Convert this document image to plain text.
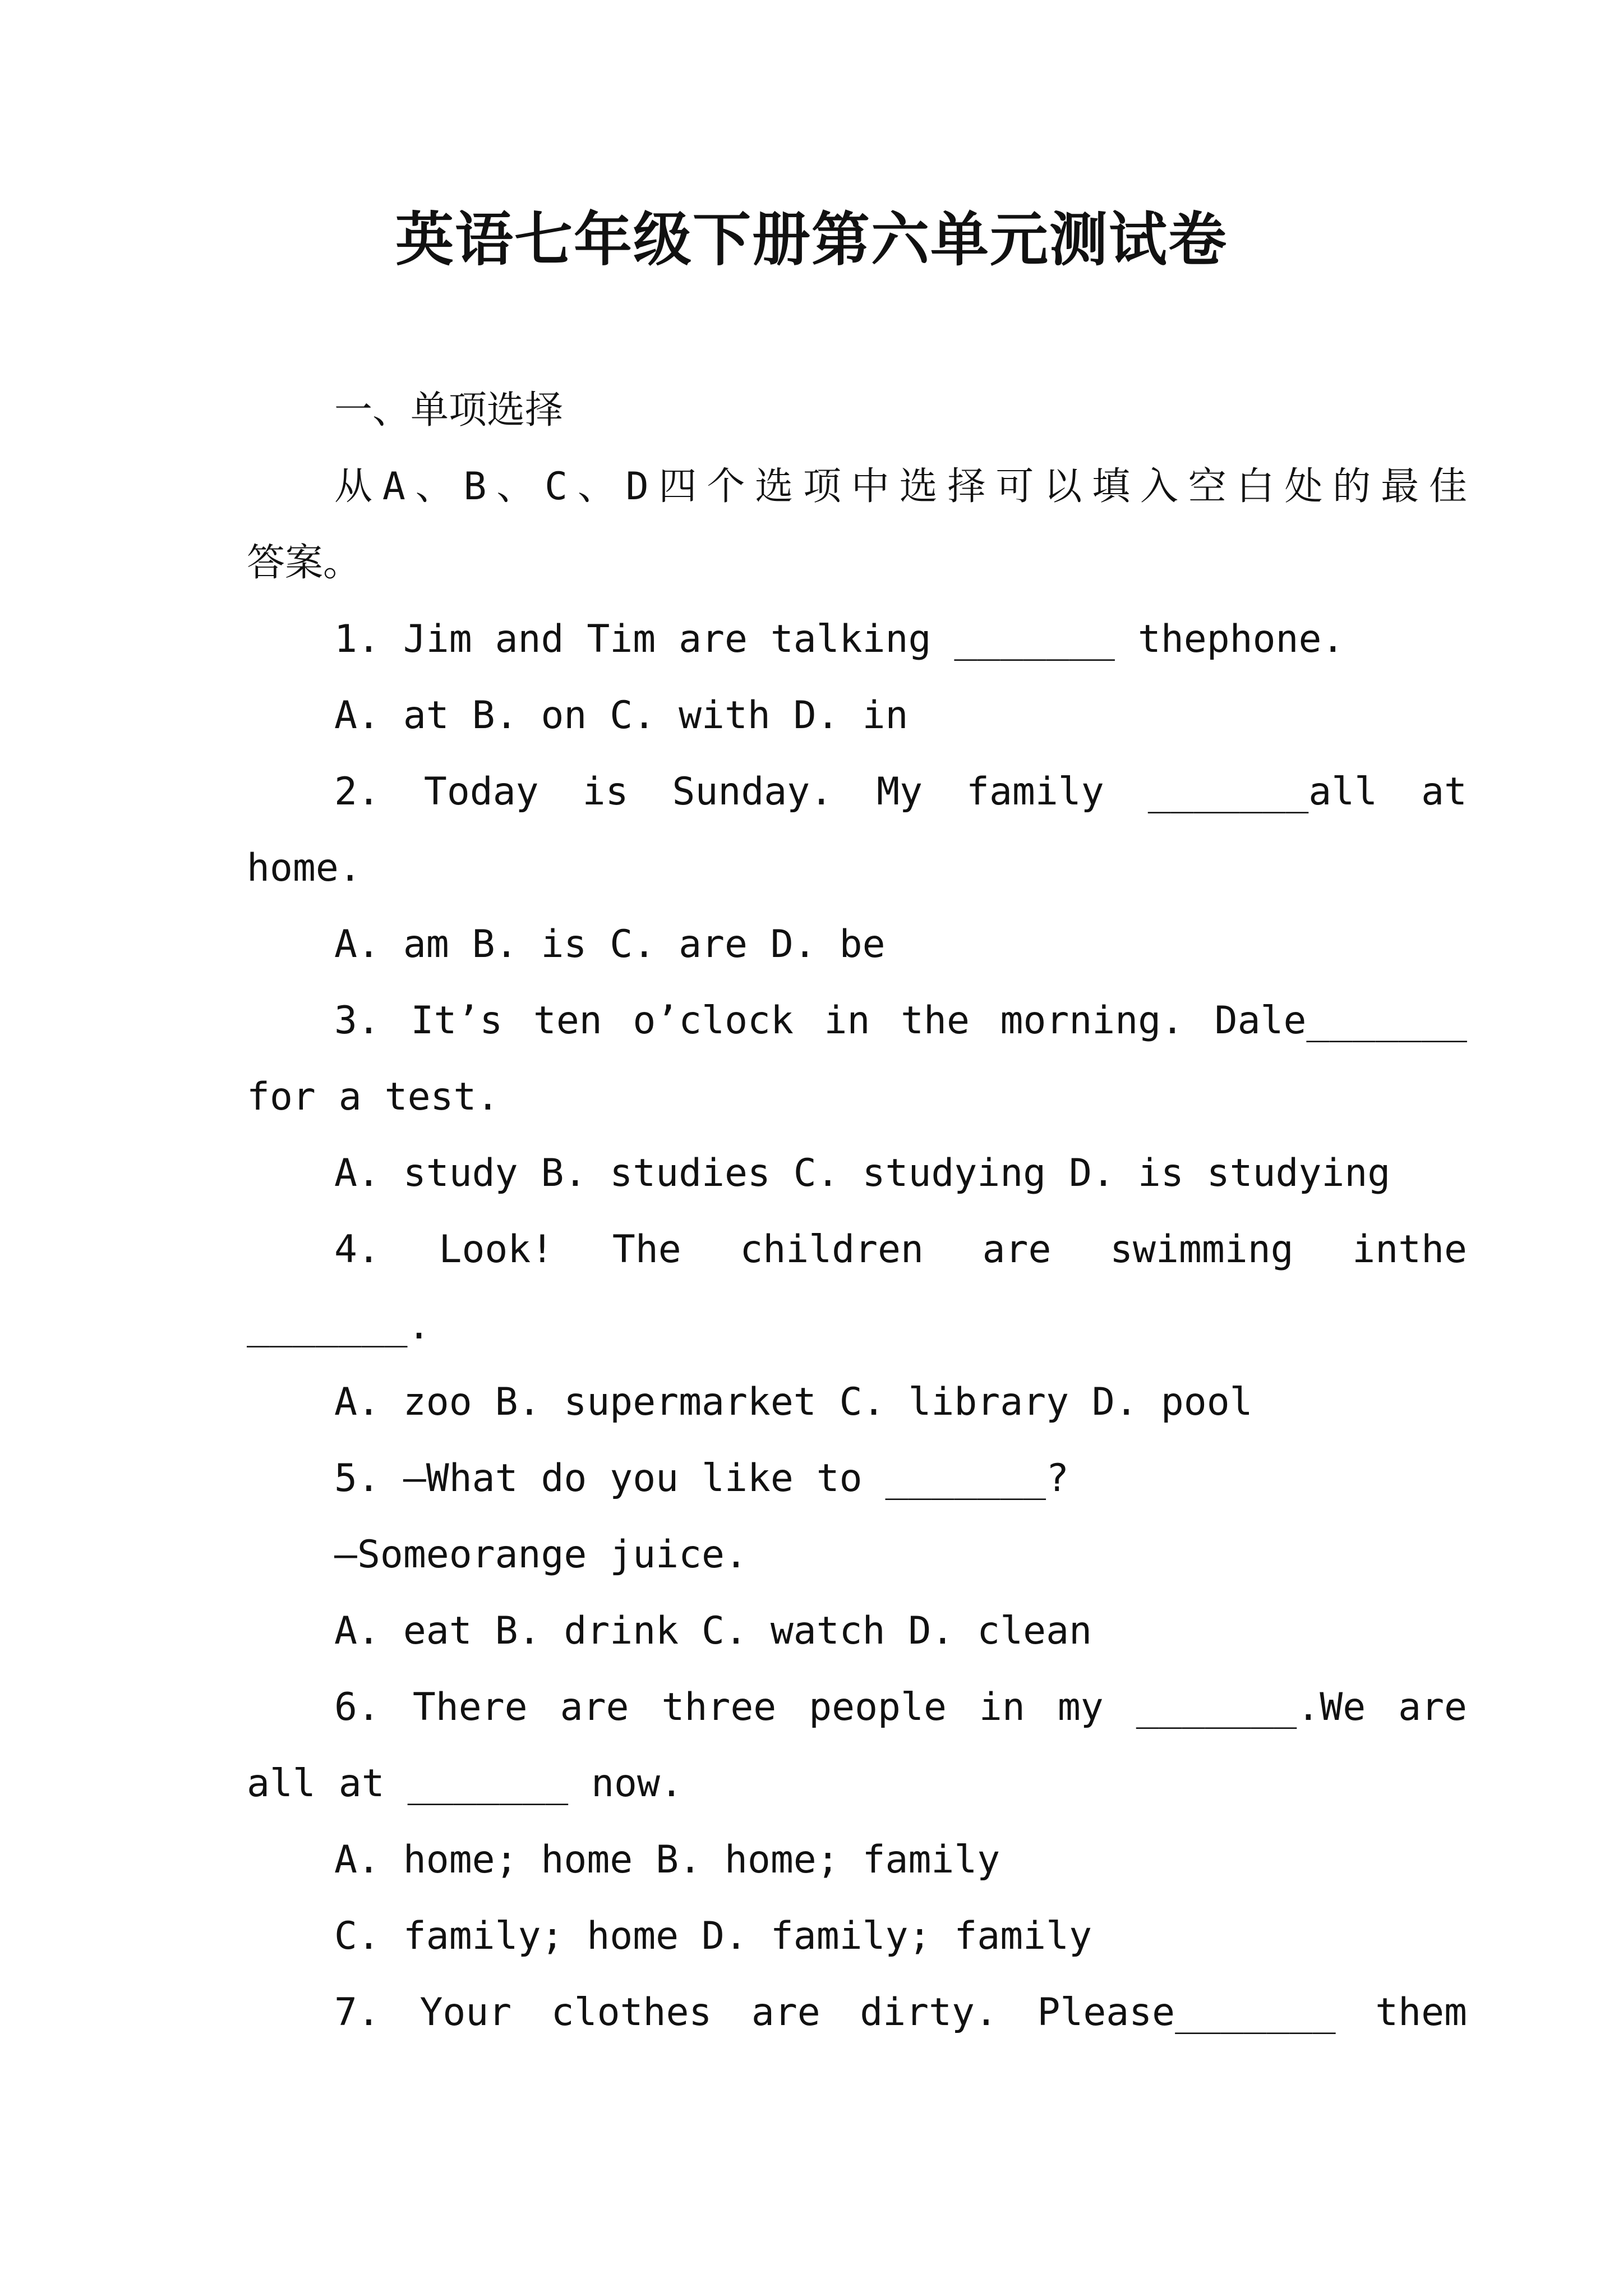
英语七年级下册第六单元测试卷

一、单项选择

从A、B、C、D四个选项中选择可以填入空白处的最佳

答案。

1. Jim and Tim are talking _______ thephone.

A. at B. on C. with D. in

2. Today is Sunday. My family _______all at

home.

A. am B. is C. are D. be

3. It’s ten o’clock in the morning. Dale_______

for a test.

A. study B. studies C. studying D. is studying

4. Look! The children are swimming inthe

_______.

A. zoo B. supermarket C. library D. pool

5. —What do you like to _______?

—Someorange juice.

A. eat B. drink C. watch D. clean

6. There are three people in my _______.We are

all at _______ now.

A. home; home B. home; family

C. family; home D. family; family

7. Your clothes are dirty. Please_______ them
